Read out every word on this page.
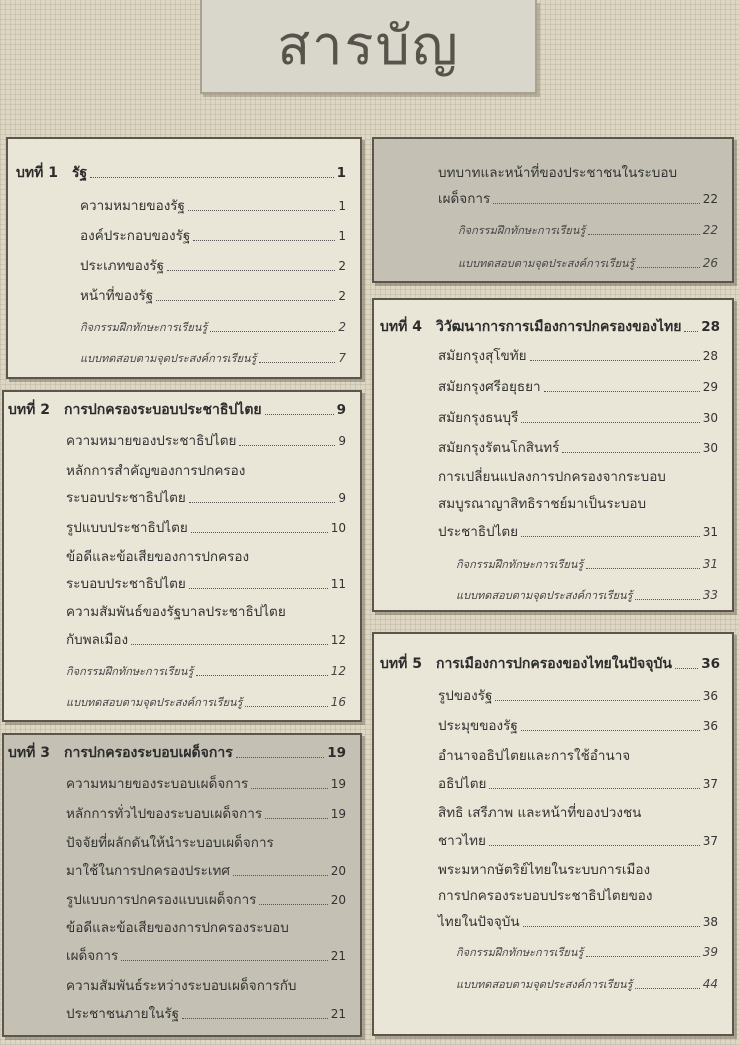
สารบัญ
บทที่ 1 รัฐ	1
ความหมายของรัฐ	1
องค์ประกอบของรัฐ	1
ประเภทของรัฐ	2
หน้าที่ของรัฐ	2
กิจกรรมฝึกทักษะการเรียนรู้	2
แบบทดสอบตามจุดประสงค์การเรียนรู้	7
บทที่ 2 การปกครองระบอบประชาธิปไตย	9
ความหมายของประชาธิปไตย	9
หลักการสำคัญของการปกครอง
ระบอบประชาธิปไตย	9
รูปแบบประชาธิปไตย	10
ข้อดีและข้อเสียของการปกครอง
ระบอบประชาธิปไตย	11
ความสัมพันธ์ของรัฐบาลประชาธิปไตย
กับพลเมือง	12
กิจกรรมฝึกทักษะการเรียนรู้	12
แบบทดสอบตามจุดประสงค์การเรียนรู้	16
บทที่ 3 การปกครองระบอบเผด็จการ	19
ความหมายของระบอบเผด็จการ	19
หลักการทั่วไปของระบอบเผด็จการ	19
ปัจจัยที่ผลักดันให้นำระบอบเผด็จการ
มาใช้ในการปกครองประเทศ	20
รูปแบบการปกครองแบบเผด็จการ	20
ข้อดีและข้อเสียของการปกครองระบอบ
เผด็จการ	21
ความสัมพันธ์ระหว่างระบอบเผด็จการกับ
ประชาชนภายในรัฐ	21
บทบาทและหน้าที่ของประชาชนในระบอบ
เผด็จการ	22
กิจกรรมฝึกทักษะการเรียนรู้	22
แบบทดสอบตามจุดประสงค์การเรียนรู้	26
บทที่ 4 วิวัฒนาการการเมืองการปกครองของไทย 28
สมัยกรุงสุโขทัย	28
สมัยกรุงศรีอยุธยา	29
สมัยกรุงธนบุรี	30
สมัยกรุงรัตนโกสินทร์	30
การเปลี่ยนแปลงการปกครองจากระบอบ
สมบูรณาญาสิทธิราชย์มาเป็นระบอบ
ประชาธิปไตย	31
กิจกรรมฝึกทักษะการเรียนรู้	31
แบบทดสอบตามจุดประสงค์การเรียนรู้	33
บทที่ 5 การเมืองการปกครองของไทยในปัจจุบัน 36
รูปของรัฐ	36
ประมุขของรัฐ	36
อำนาจอธิปไตยและการใช้อำนาจ
อธิปไตย	37
สิทธิ เสรีภาพ และหน้าที่ของปวงชน
ชาวไทย	37
พระมหากษัตริย์ไทยในระบบการเมือง
การปกครองระบอบประชาธิปไตยของ
ไทยในปัจจุบัน	38
กิจกรรมฝึกทักษะการเรียนรู้	39
แบบทดสอบตามจุดประสงค์การเรียนรู้	44
